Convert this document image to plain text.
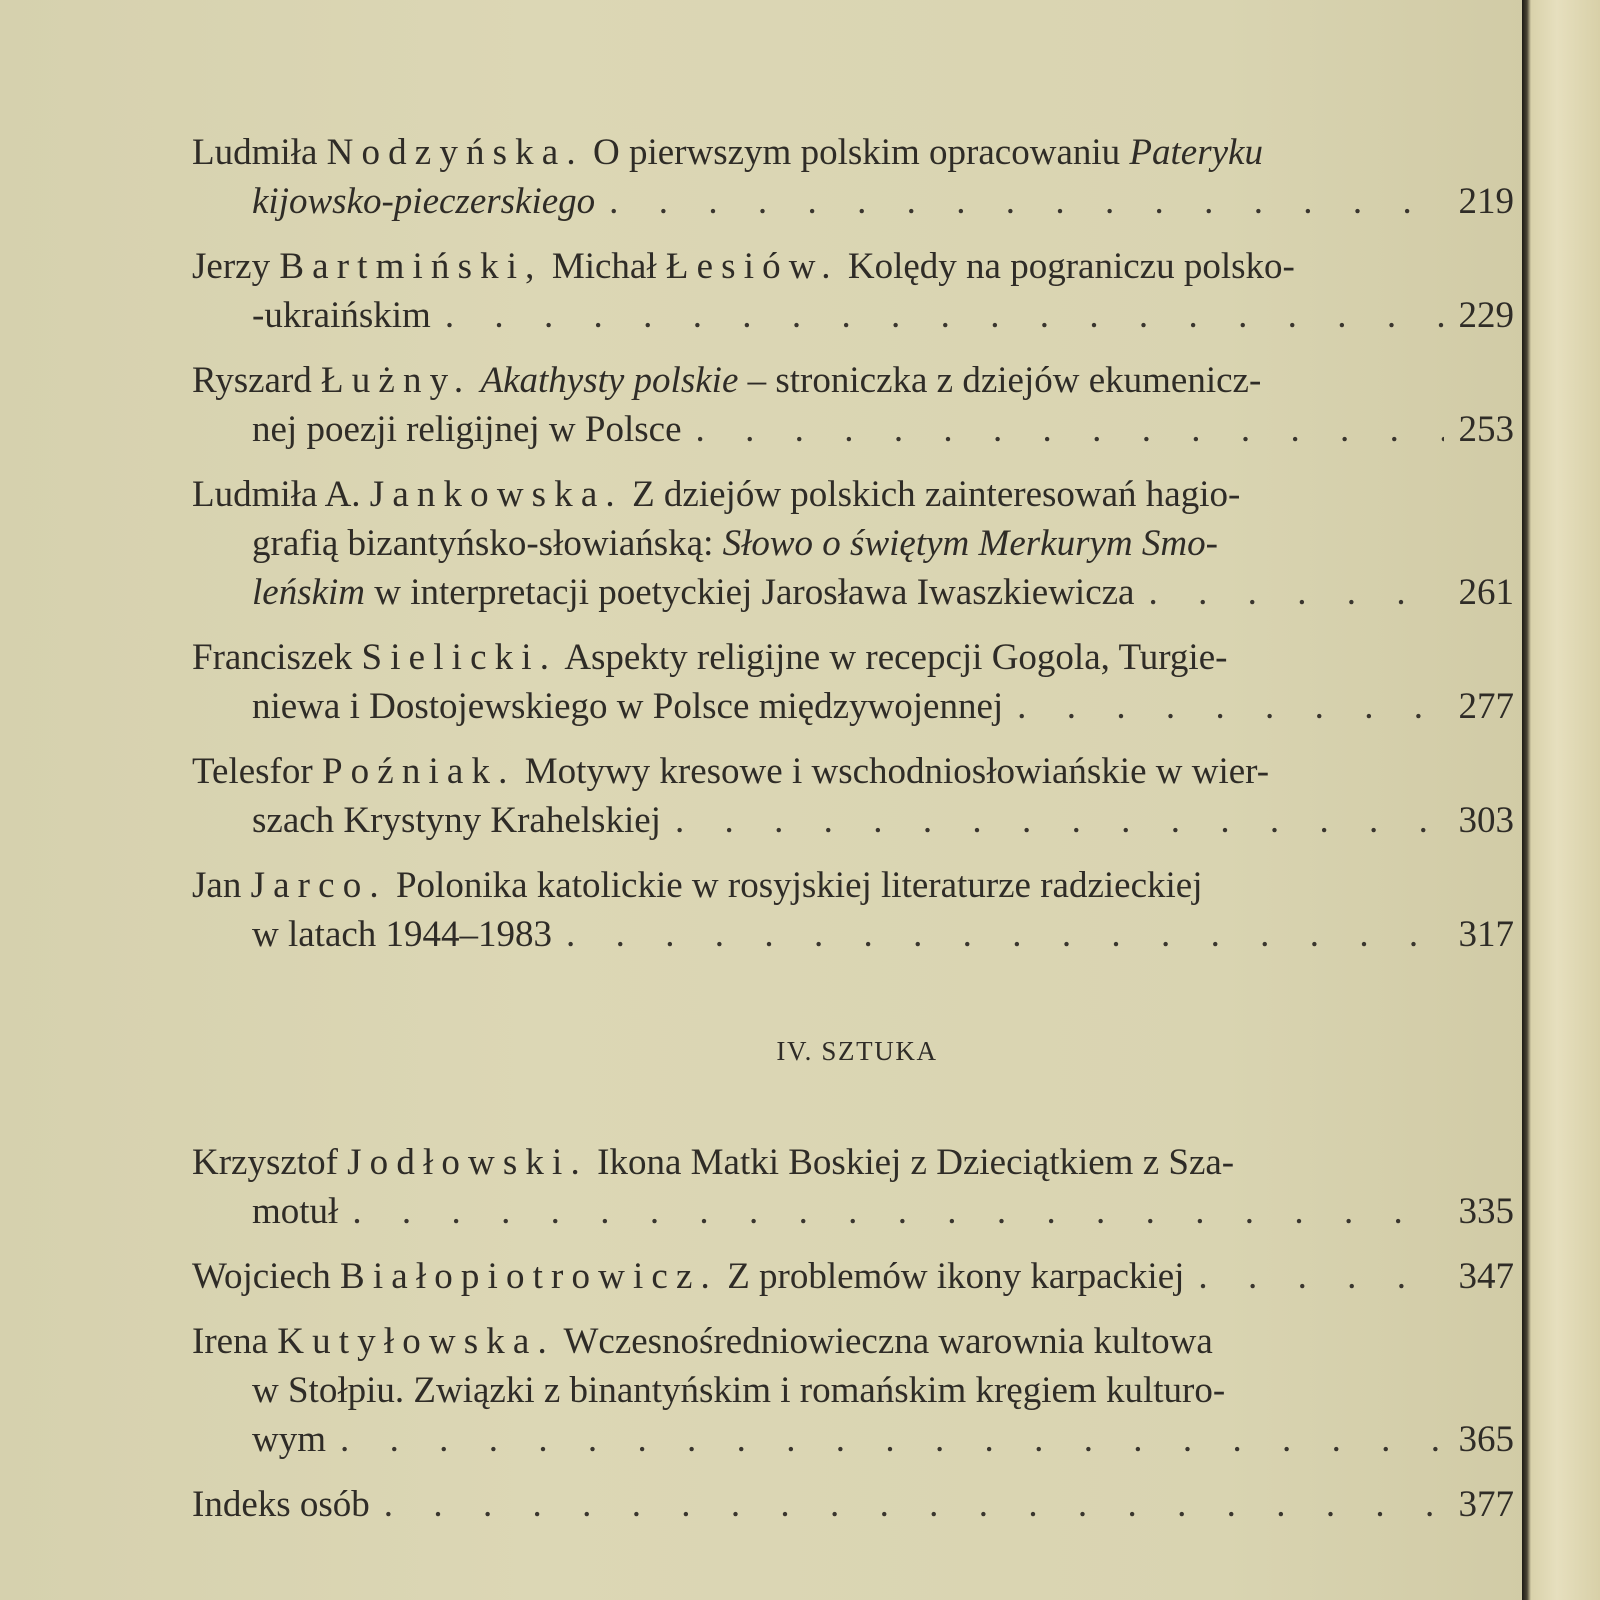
Ludmiła Nodzyńska. O pierwszym polskim opracowaniu Pateryku
kijowsko-pieczerskiego . . .	219
Jerzy Bartmiński, Michał Łesiów. Kolędy na pograniczu polsko-
-ukraińskim . . .	229
Ryszard Łużny. Akathysty polskie – stroniczka z dziejów ekumenicz-
nej poezji religijnej w Polsce . . .	253
Ludmiła A. Jankowska. Z dziejów polskich zainteresowań hagio-
grafią bizantyńsko-słowiańską: Słowo o świętym Merkurym Smo-
leńskim w interpretacji poetyckiej Jarosława Iwaszkiewicza . . .	261
Franciszek Sielicki. Aspekty religijne w recepcji Gogola, Turgie-
niewa i Dostojewskiego w Polsce międzywojennej . . .	277
Telesfor Poźniak. Motywy kresowe i wschodniosłowiańskie w wier-
szach Krystyny Krahelskiej . . .	303
Jan Jarco. Polonika katolickie w rosyjskiej literaturze radzieckiej
w latach 1944–1983 . . .	317
IV. SZTUKA
Krzysztof Jodłowski. Ikona Matki Boskiej z Dzieciątkiem z Sza-
motuł . . .	335
Wojciech Białopiotrowicz. Z problemów ikony karpackiej . . .	347
Irena Kutyłowska. Wczesnośredniowieczna warownia kultowa
w Stołpiu. Związki z binantyńskim i romańskim kręgiem kulturo-
wym . . .	365
Indeks osób . . .	377
